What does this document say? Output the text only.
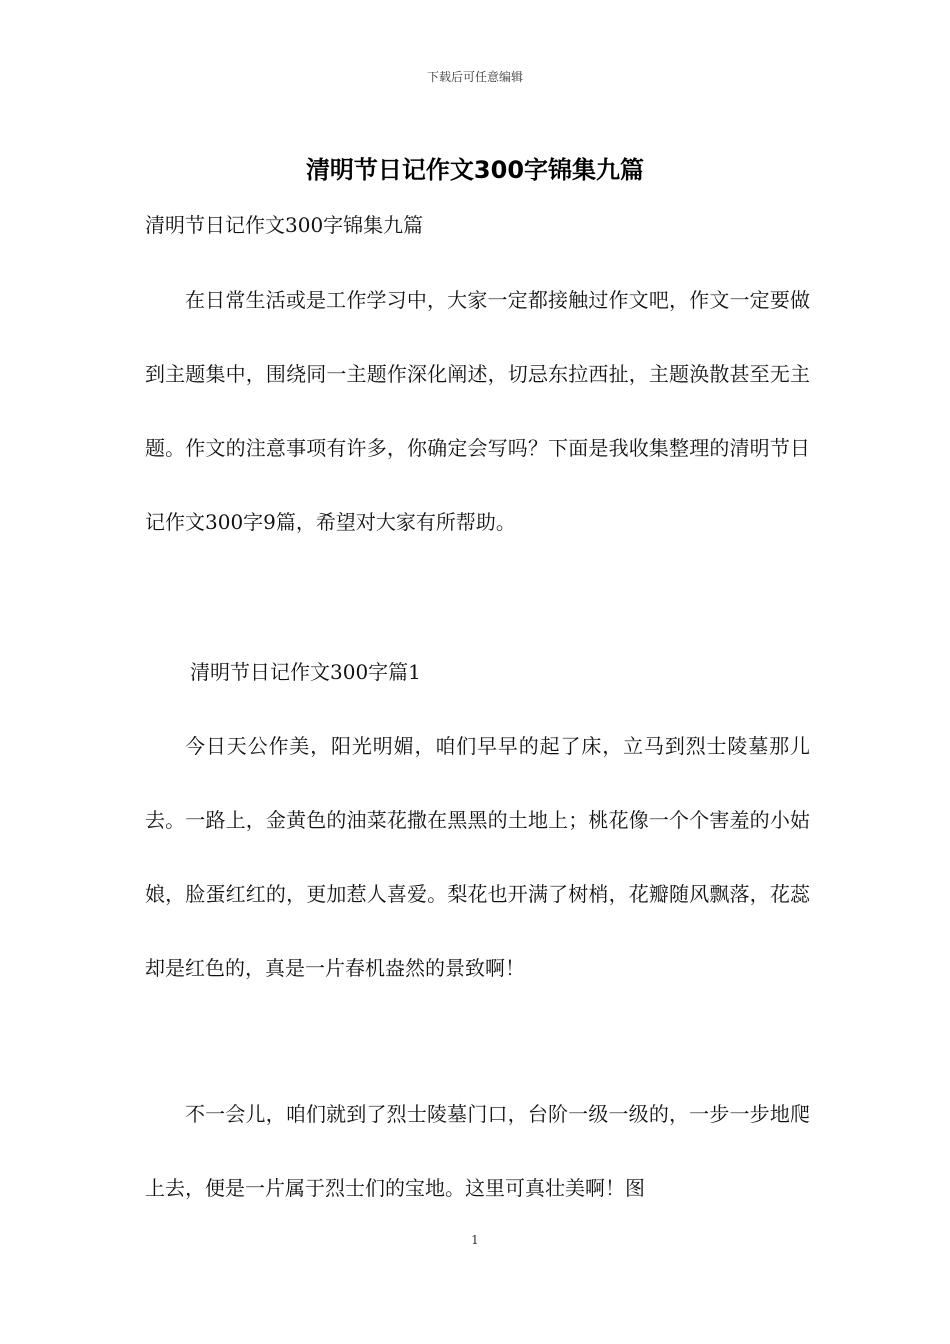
下载后可任意编辑
清明节日记作文300字锦集九篇
清明节日记作文300字锦集九篇

在日常生活或是工作学习中，大家一定都接触过作文吧，作文一定要做到主题集中，围绕同一主题作深化阐述，切忌东拉西扯，主题涣散甚至无主题。作文的注意事项有许多，你确定会写吗？下面是我收集整理的清明节日记作文300字9篇，希望对大家有所帮助。

清明节日记作文300字篇1

今日天公作美，阳光明媚，咱们早早的起了床，立马到烈士陵墓那儿去。一路上，金黄色的油菜花撒在黑黑的土地上；桃花像一个个害羞的小姑娘，脸蛋红红的，更加惹人喜爱。梨花也开满了树梢，花瓣随风飘落，花蕊却是红色的，真是一片春机盎然的景致啊！

不一会儿，咱们就到了烈士陵墓门口，台阶一级一级的，一步一步地爬上去，便是一片属于烈士们的宝地。这里可真壮美啊！图

1
